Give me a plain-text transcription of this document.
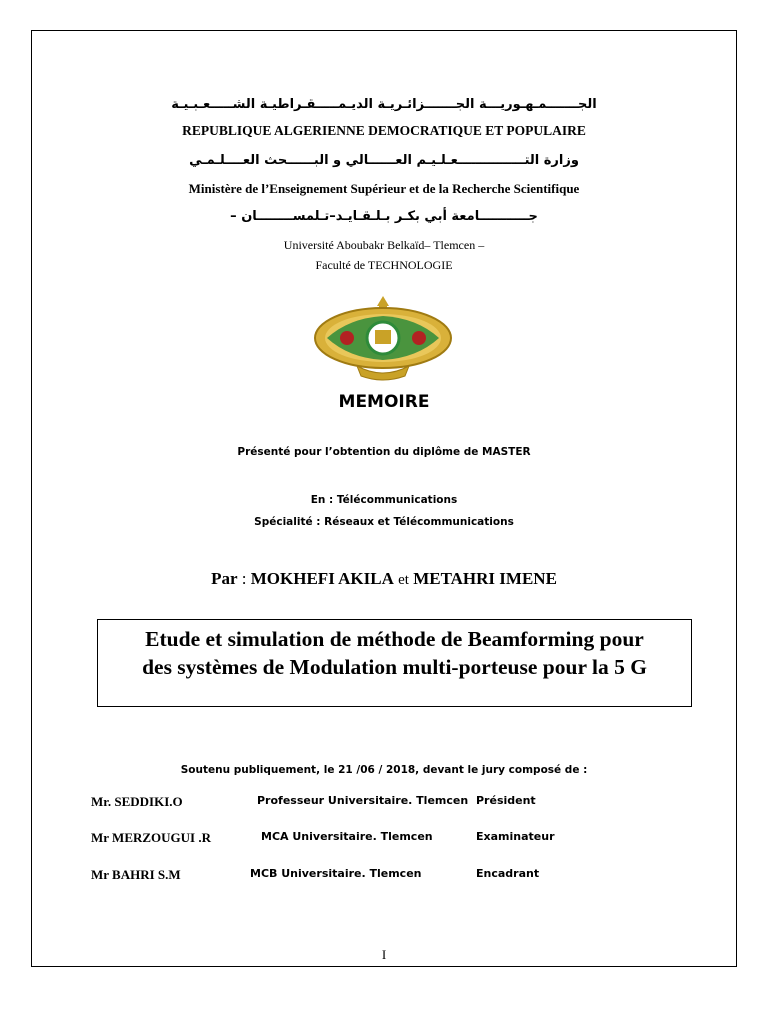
الجـــــــمـهـوريـــة الجـــــــزائـريـة الديـمـــــقـراطيـة الشـــــعـبـيـة
REPUBLIQUE ALGERIENNE DEMOCRATIQUE ET POPULAIRE
وزارة التـــــــــــــــعـلـيـم العــــــالي و البــــــحث العــــلـمـي
Ministère de l’Enseignement Supérieur et de la Recherche Scientifique
جـــــــــــامعة أبي بكـر بـلـقـايـد–تـلمســــــــان –
Université Aboubakr Belkaïd– Tlemcen –
Faculté de TECHNOLOGIE
MEMOIRE
Présenté pour l’obtention du diplôme de MASTER
En : Télécommunications
Spécialité : Réseaux et Télécommunications
Par : MOKHEFI AKILA et METAHRI IMENE
Etude et simulation de méthode de Beamforming pour
des systèmes de Modulation multi-porteuse pour la 5 G
Soutenu publiquement, le 21 /06 / 2018, devant le jury composé de :
Mr. SEDDIKI.O	Professeur Universitaire. Tlemcen Président
Mr MERZOUGUI .R	MCA Universitaire. Tlemcen	Examinateur
Mr BAHRI S.M	MCB Universitaire. Tlemcen	Encadrant
I
